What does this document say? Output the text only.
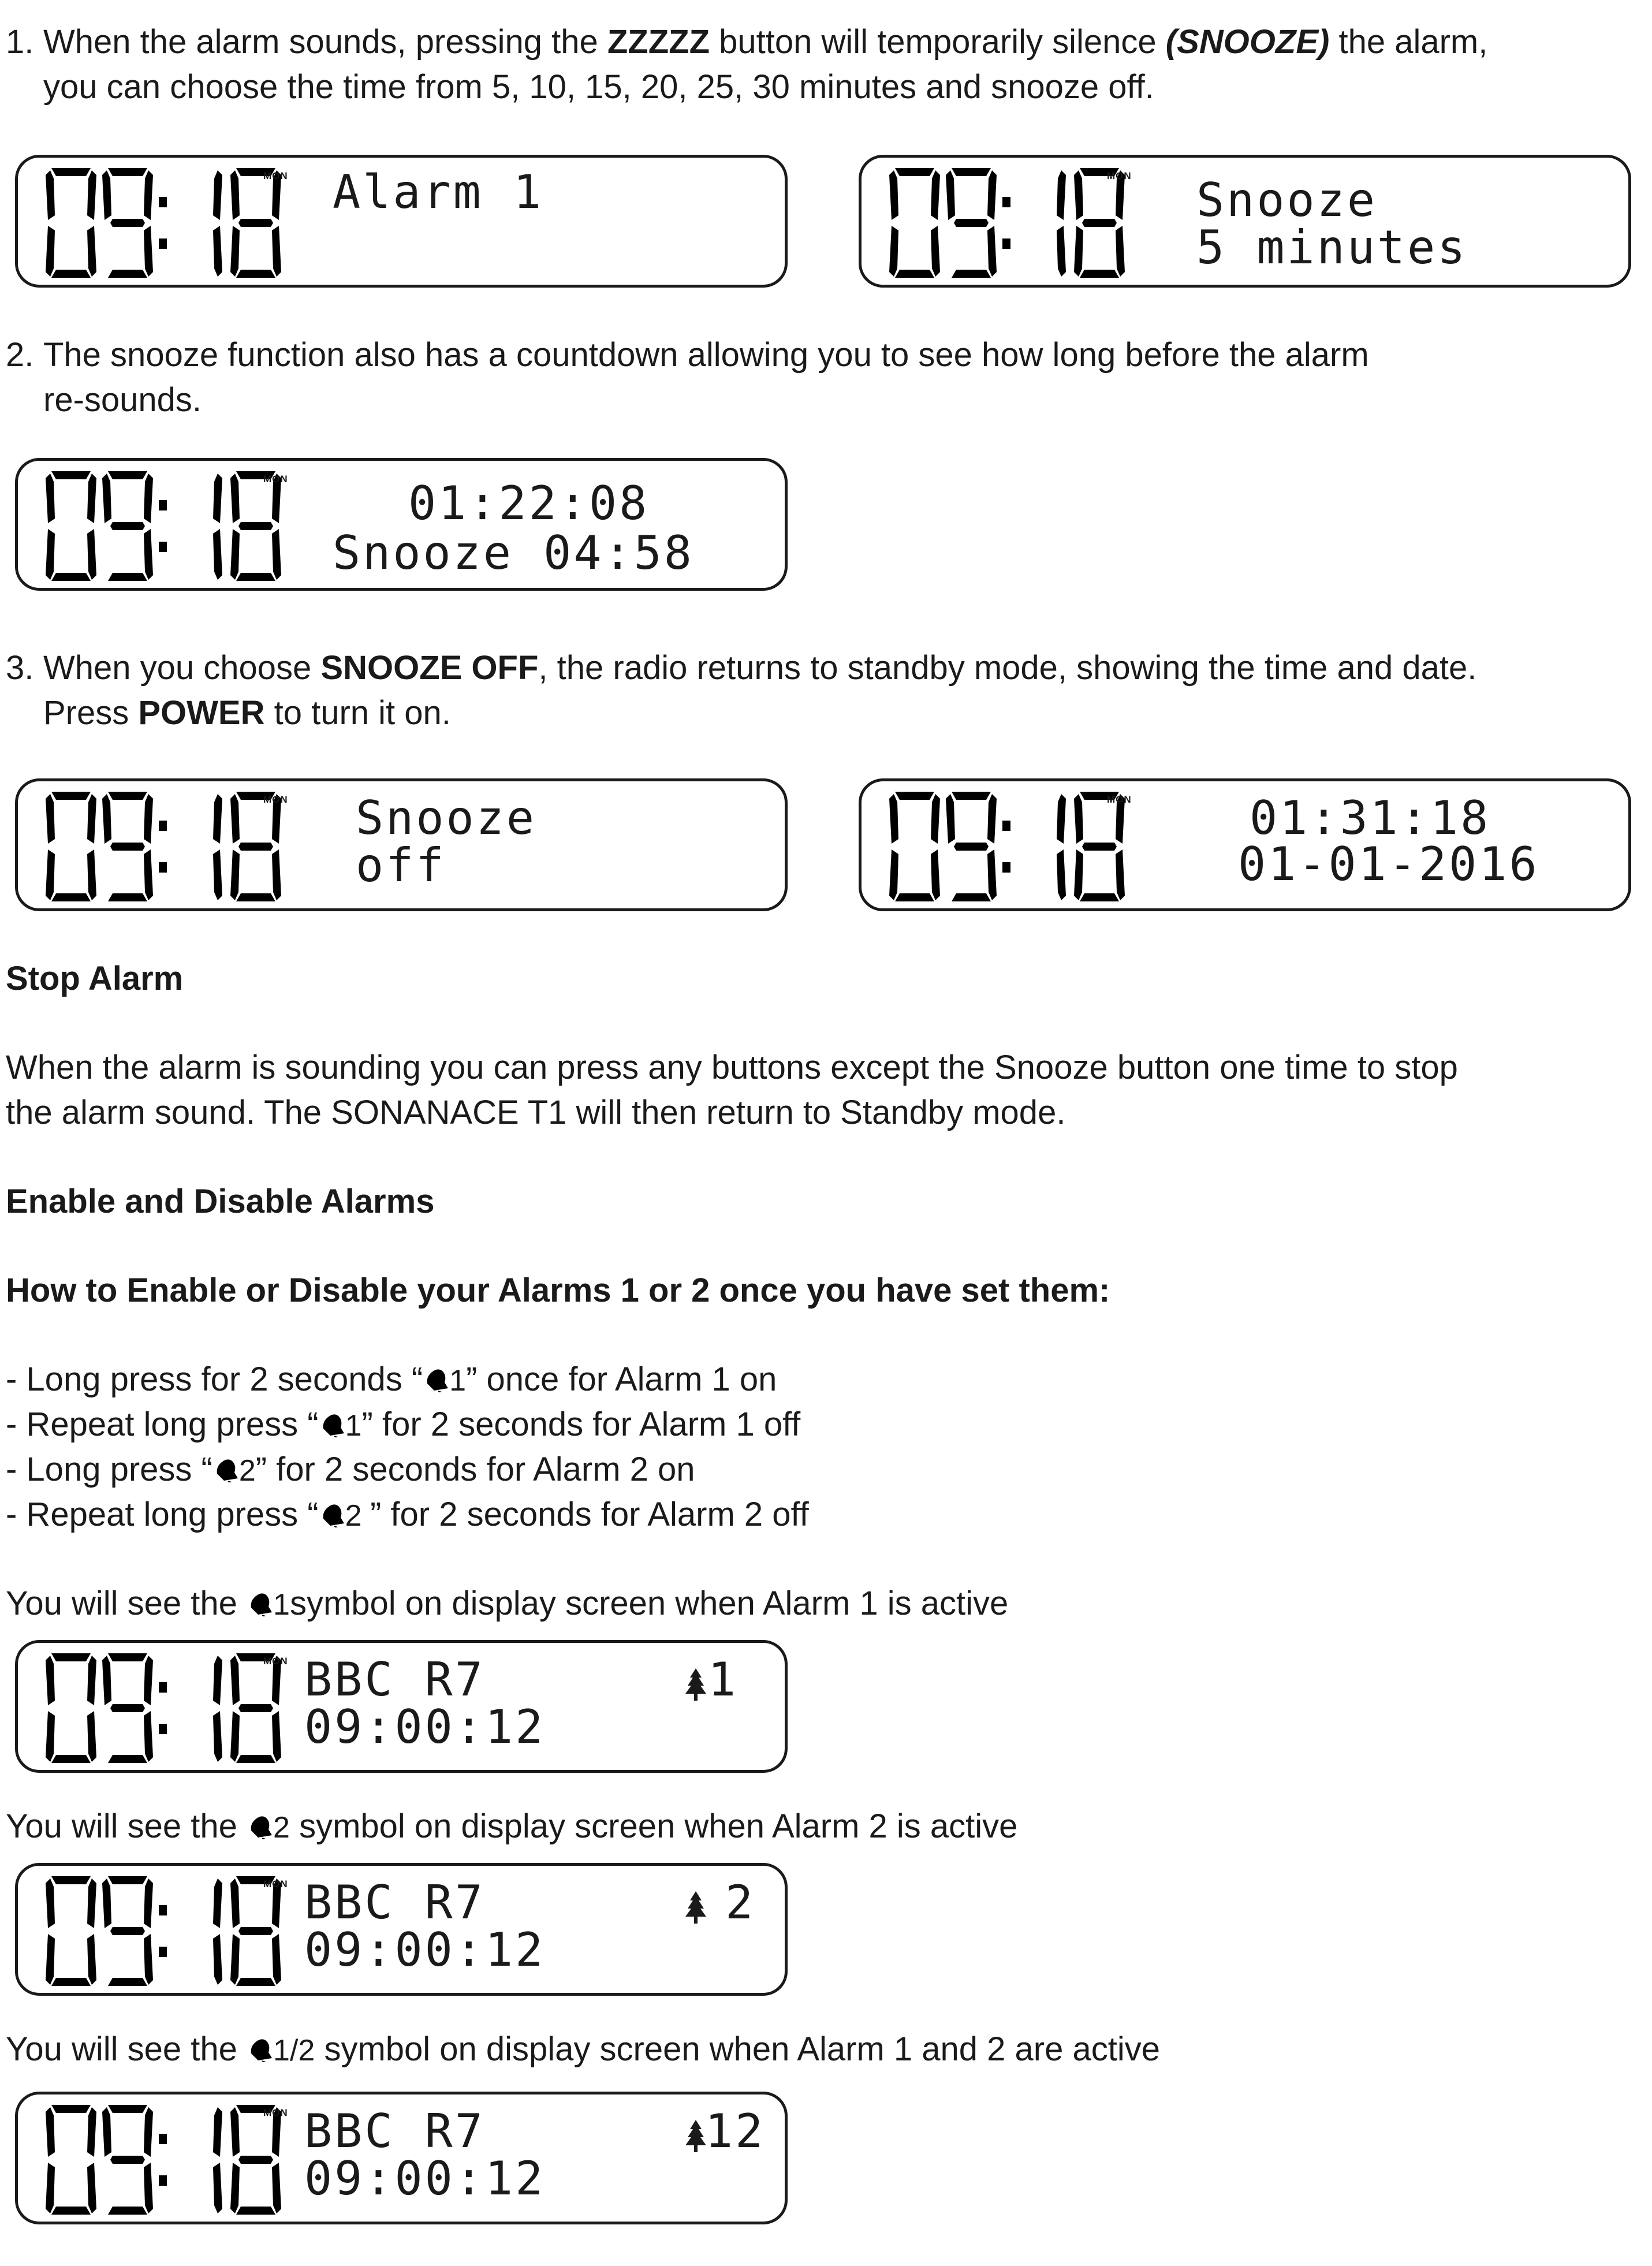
1. When the alarm sounds, pressing the ZZZZZ button will temporarily silence (SNOOZE) the alarm,
you can choose the time from 5, 10, 15, 20, 25, 30 minutes and snooze off.
MON Alarm 1	MON Snooze
5 minutes
2. The snooze function also has a countdown allowing you to see how long before the alarm
re-sounds.
MON	01:22:08
Snooze 04:58
3. When you choose SNOOZE OFF, the radio returns to standby mode, showing the time and date.
Press POWER to turn it on.
MON Snooze
off
MON	01:31:18
01-01-2016
Stop Alarm
When the alarm is sounding you can press any buttons except the Snooze button one time to stop
the alarm sound. The SONANACE T1 will then return to Standby mode.
Enable and Disable Alarms
How to Enable or Disable your Alarms 1 or 2 once you have set them:
- Long press for 2 seconds “ 1” once for Alarm 1 on
- Repeat long press “ 1” for 2 seconds for Alarm 1 off
- Long press “ 2” for 2 seconds for Alarm 2 on
- Repeat long press “ 2 ” for 2 seconds for Alarm 2 off
You will see the 1symbol on display screen when Alarm 1 is active
MON BBC R7
09:00:12
1
You will see the 2 symbol on display screen when Alarm 2 is active
MON BBC R7
09:00:12
2
You will see the 1/2 symbol on display screen when Alarm 1 and 2 are active
MON BBC R7
09:00:12
12
